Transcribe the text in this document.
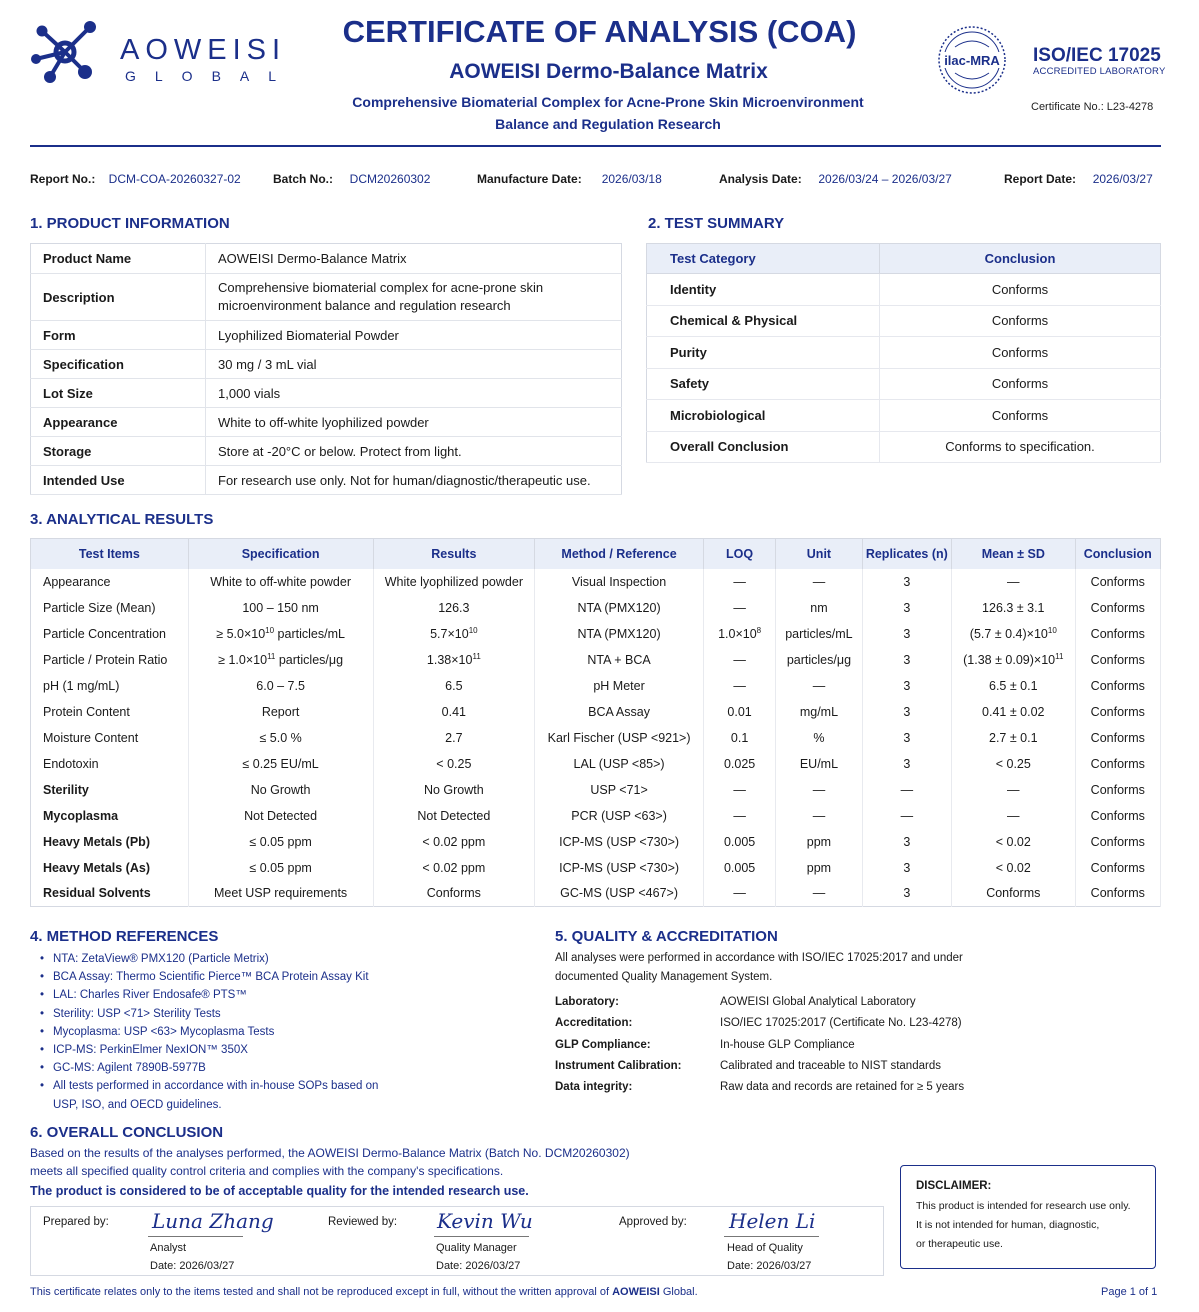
AOWEISI
GLOBAL
CERTIFICATE OF ANALYSIS (COA)
AOWEISI Dermo-Balance Matrix
Comprehensive Biomaterial Complex for Acne-Prone Skin Microenvironment
Balance and Regulation Research
ilac-MRA ISO/IEC 17025
ACCREDITED LABORATORY
Certificate No.: L23-4278
Report No.: DCM-COA-20260327-02	Batch No.: DCM20260302	Manufacture Date: 2026/03/18	Analysis Date: 2026/03/24 – 2026/03/27	Report Date: 2026/03/27
1. PRODUCT INFORMATION
Product Name	AOWEISI Dermo-Balance Matrix
Description	Comprehensive biomaterial complex for acne-prone skin
microenvironment balance and regulation research

Form	Lyophilized Biomaterial Powder
Specification	30 mg / 3 mL vial
Lot Size	1,000 vials
Appearance	White to off-white lyophilized powder
Storage	Store at -20°C or below. Protect from light.
Intended Use	For research use only. Not for human/diagnostic/therapeutic use.
2. TEST SUMMARY
Test Category	Conclusion
Identity	Conforms
Chemical & Physical	Conforms
Purity	Conforms
Safety	Conforms
Microbiological	Conforms
Overall Conclusion	Conforms to specification.
3. ANALYTICAL RESULTS
Test Items	Specification	Results	Method / Reference	LOQ	Unit	Replicates (n)	Mean ± SD	Conclusion
Appearance	White to off-white powder	White lyophilized powder	Visual Inspection	—	—	3	—	Conforms
Particle Size (Mean)	100 – 150 nm	126.3	NTA (PMX120)	—	nm	3	126.3 ± 3.1	Conforms
Particle Concentration	≥ $5.0\times 10^{10}$ particles/mL	$5.7\times 10^{10}$	NTA (PMX120)	$1.0\times 10^8$	particles/mL	3	$(5.7 \pm 0.4)\times 10^{10}$	Conforms
Particle / Protein Ratio	≥ $1.0\times 10^{11}$ particles/μg	$1.38\times 10^{11}$	NTA + BCA	—	particles/μg	3	$(1.38 \pm 0.09)\times 10^{11}$	Conforms
pH (1 mg/mL)	6.0 – 7.5	6.5	pH Meter	—	—	3	6.5 ± 0.1	Conforms
Protein Content	Report	0.41	BCA Assay	0.01	mg/mL	3	0.41 ± 0.02	Conforms
Moisture Content	≤ 5.0 %	2.7	Karl Fischer (USP <921>)	0.1	%	3	2.7 ± 0.1	Conforms
Endotoxin	≤ 0.25 EU/mL	< 0.25	LAL (USP <85>)	0.025	EU/mL	3	< 0.25	Conforms
Sterility	No Growth	No Growth	USP <71>	—	—	—	—	Conforms
Mycoplasma	Not Detected	Not Detected	PCR (USP <63>)	—	—	—	—	Conforms
Heavy Metals (Pb)	≤ 0.05 ppm	< 0.02 ppm	ICP-MS (USP <730>)	0.005	ppm	3	< 0.02	Conforms
Heavy Metals (As)	≤ 0.05 ppm	< 0.02 ppm	ICP-MS (USP <730>)	0.005	ppm	3	< 0.02	Conforms
Residual Solvents	Meet USP requirements	Conforms	GC-MS (USP <467>)	—	—	3	Conforms	Conforms
4. METHOD REFERENCES
• NTA: ZetaView® PMX120 (Particle Metrix)
• BCA Assay: Thermo Scientific Pierce™ BCA Protein Assay Kit
• LAL: Charles River Endosafe® PTS™
• Sterility: USP <71> Sterility Tests
• Mycoplasma: USP <63> Mycoplasma Tests
• ICP-MS: PerkinElmer NexION™ 350X
• GC-MS: Agilent 7890B-5977B
• All tests performed in accordance with in-house SOPs based on
USP, ISO, and OECD guidelines.
5. QUALITY & ACCREDITATION
All analyses were performed in accordance with ISO/IEC 17025:2017 and under
documented Quality Management System.
Laboratory:	AOWEISI Global Analytical Laboratory
Accreditation:	ISO/IEC 17025:2017 (Certificate No. L23-4278)
GLP Compliance:	In-house GLP Compliance
Instrument Calibration:	Calibrated and traceable to NIST standards
Data integrity:	Raw data and records are retained for ≥ 5 years
6. OVERALL CONCLUSION
Based on the results of the analyses performed, the AOWEISI Dermo-Balance Matrix (Batch No. DCM20260302)
meets all specified quality control criteria and complies with the company's specifications.
The product is considered to be of acceptable quality for the intended research use.
Prepared by: Luna Zhang
Analyst
Date: 2026/03/27
Reviewed by: Kevin Wu
Quality Manager
Date: 2026/03/27
Approved by: Helen Li
Head of Quality
Date: 2026/03/27
DISCLAIMER:
This product is intended for research use only.
It is not intended for human, diagnostic,
or therapeutic use.
This certificate relates only to the items tested and shall not be reproduced except in full, without the written approval of AOWEISI Global.	Page 1 of 1
